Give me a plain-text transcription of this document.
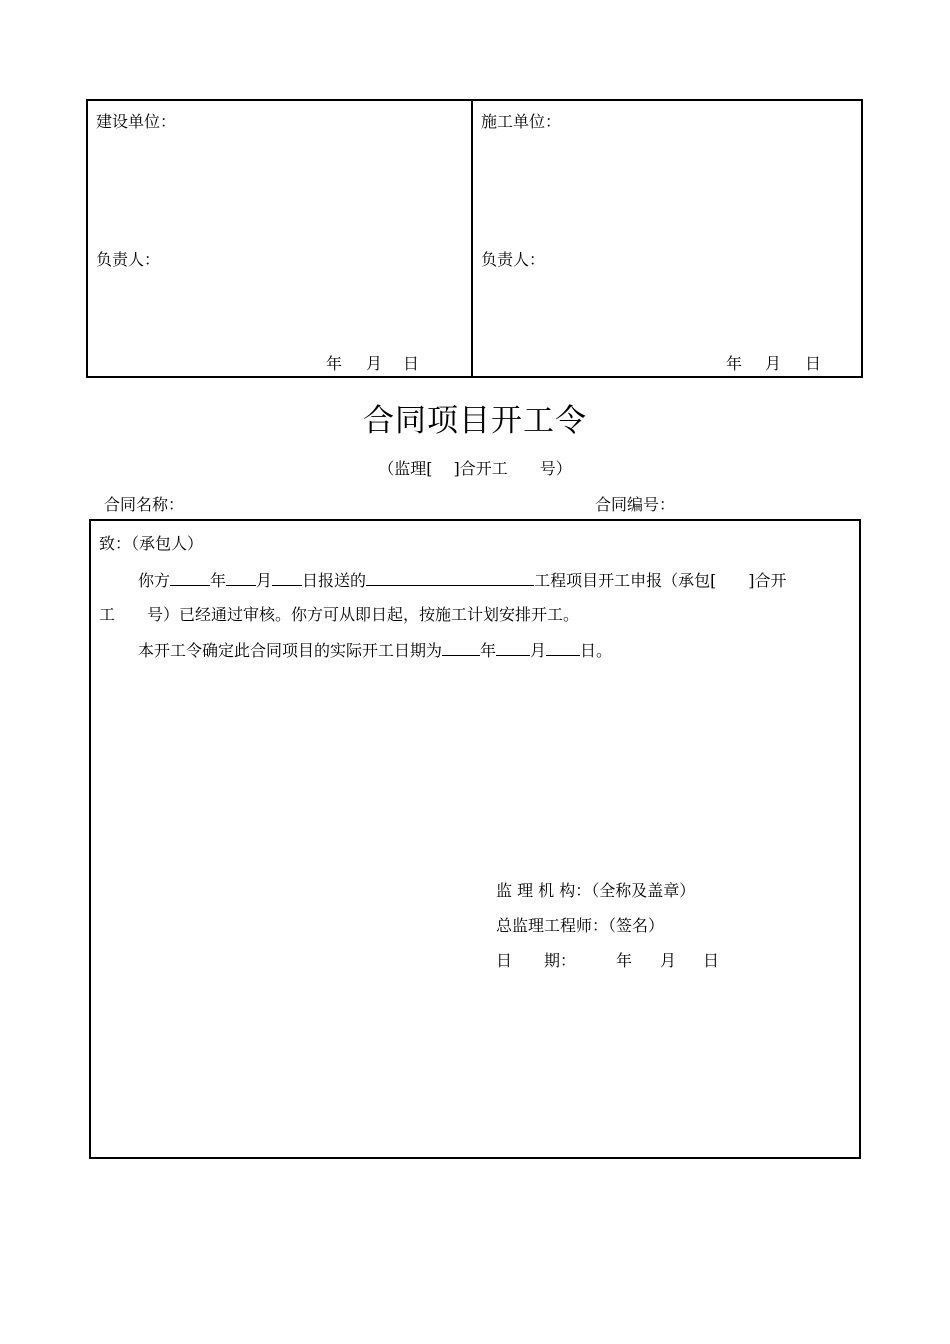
建设单位：
负责人：
年 月 日
施工单位：
负责人：
年 月 日
合同项目开工令
（监理[　 ]合开工　　号）
合同名称：	合同编号：
致：（承包人）
你方	年 月 日报送的	工程项目开工申报（承包[　　]合开
工　　号）已经通过审核。你方可从即日起，按施工计划安排开工。
本开工令确定此合同项目的实际开工日期为 年 月 日。
监 理 机 构：（全称及盖章）
总监理工程师：（签名）
日　　期： 年 月 日
